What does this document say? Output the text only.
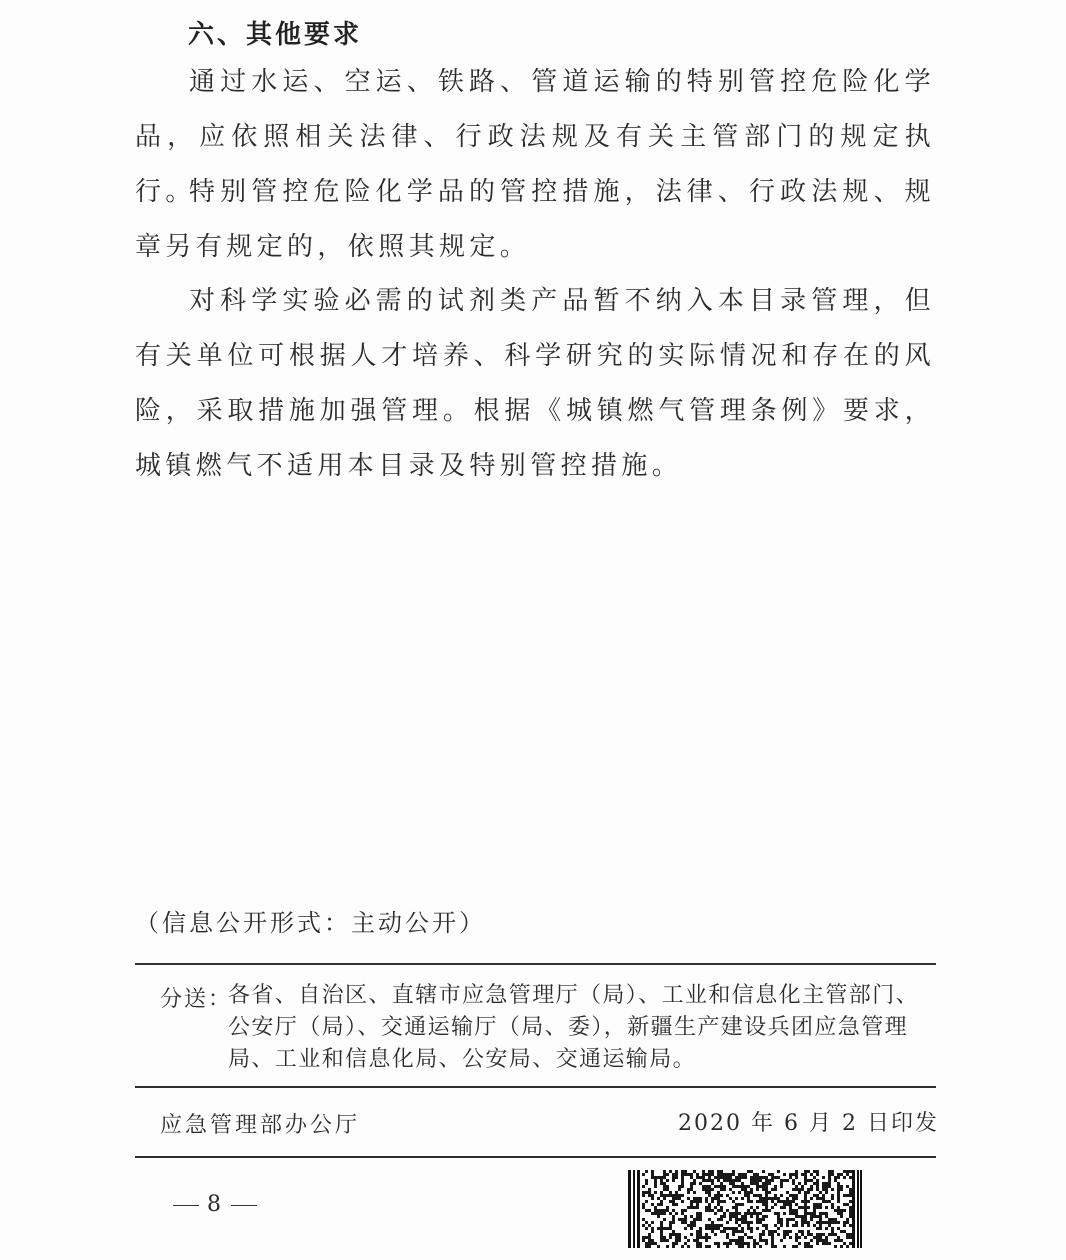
六、其他要求

通过水运、空运、铁路、管道运输的特别管控危险化学品，应依照相关法律、行政法规及有关主管部门的规定执行。

特别管控危险化学品的管控措施，法律、行政法规、规章另有规定的，依照其规定。

对科学实验必需的试剂类产品暂不纳入本目录管理，但有关单位可根据人才培养、科学研究的实际情况和存在的风险，采取措施加强管理。根据《城镇燃气管理条例》要求，城镇燃气不适用本目录及特别管控措施。

（信息公开形式：主动公开）
分送：

各省、自治区、直辖市应急管理厅（局）、工业和信息化主管部门、公安厅（局）、交通运输厅（局、委），新疆生产建设兵团应急管理局、工业和信息化局、公安局、交通运输局。

应急管理部办公厅	2020 年 6 月 2 日印发
8
